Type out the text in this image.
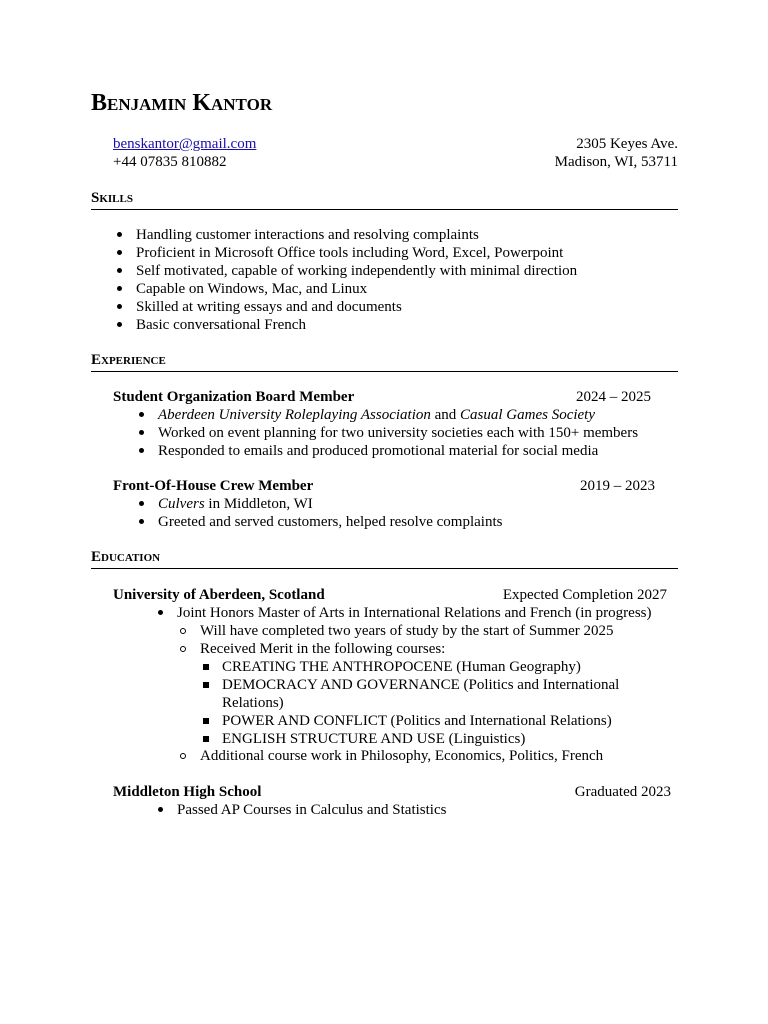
Benjamin Kantor
benskantor@gmail.com	2305 Keyes Ave.
+44 07835 810882	Madison, WI, 53711
Skills
Handling customer interactions and resolving complaints
Proficient in Microsoft Office tools including Word, Excel, Powerpoint
Self motivated, capable of working independently with minimal direction
Capable on Windows, Mac, and Linux
Skilled at writing essays and and documents
Basic conversational French
Experience
Student Organization Board Member	2024 – 2025
Aberdeen University Roleplaying Association and Casual Games Society
Worked on event planning for two university societies each with 150+ members
Responded to emails and produced promotional material for social media
Front-Of-House Crew Member	2019 – 2023
Culvers in Middleton, WI
Greeted and served customers, helped resolve complaints
Education
University of Aberdeen, Scotland	Expected Completion 2027
Joint Honors Master of Arts in International Relations and French (in progress)
Will have completed two years of study by the start of Summer 2025
Received Merit in the following courses:
CREATING THE ANTHROPOCENE (Human Geography)
DEMOCRACY AND GOVERNANCE (Politics and International Relations)
POWER AND CONFLICT (Politics and International Relations)
ENGLISH STRUCTURE AND USE (Linguistics)
Additional course work in Philosophy, Economics, Politics, French
Middleton High School	Graduated 2023
Passed AP Courses in Calculus and Statistics
